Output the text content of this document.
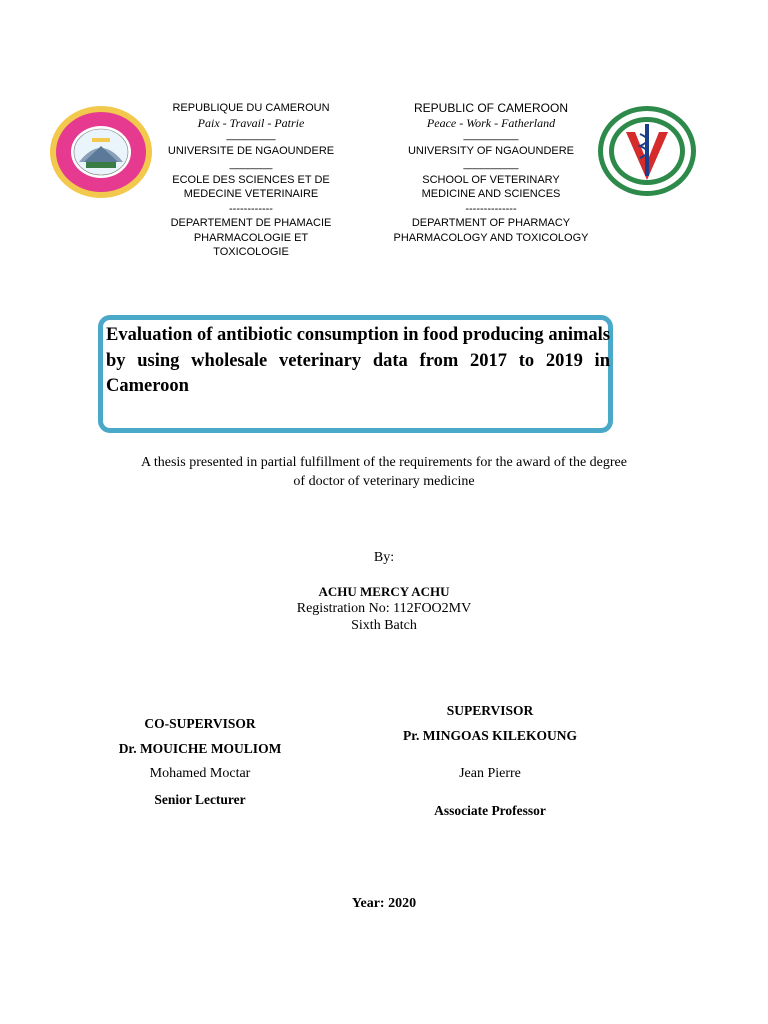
REPUBLIQUE DU CAMEROUN
Paix - Travail - Patrie
________
UNIVERSITE DE NGAOUNDERE
_______
ECOLE DES SCIENCES ET DE
MEDECINE VETERINAIRE
------------
DEPARTEMENT DE PHAMACIE
PHARMACOLOGIE ET TOXICOLOGIE
REPUBLIC OF CAMEROON
Peace - Work - Fatherland
_________
UNIVERSITY OF NGAOUNDERE
_________
SCHOOL OF VETERINARY
MEDICINE AND SCIENCES
--------------
DEPARTMENT OF PHARMACY
PHARMACOLOGY AND TOXICOLOGY
Evaluation of antibiotic consumption in food producing animals by using wholesale veterinary data from 2017 to 2019 in Cameroon
A thesis presented in partial fulfillment of the requirements for the award of the degree
of doctor of veterinary medicine
By:
ACHU MERCY ACHU
Registration No: 112FOO2MV
Sixth Batch
CO-SUPERVISOR
Dr. MOUICHE MOULIOM
Mohamed Moctar
Senior Lecturer
SUPERVISOR
Pr. MINGOAS KILEKOUNG
Jean Pierre
Associate Professor
Year: 2020
